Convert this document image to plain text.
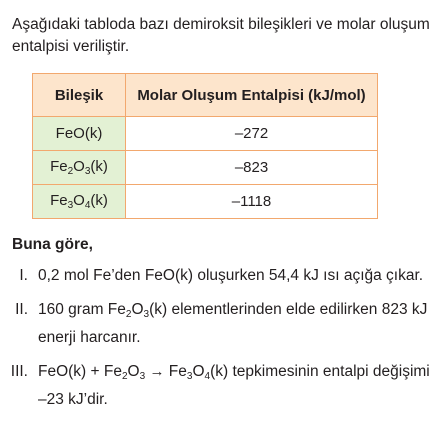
Aşağıdaki tabloda bazı demiroksit bileşikleri ve molar oluşum entalpisi veriliştir.

Bileşik	Molar Oluşum Entalpisi (kJ/mol)
FeO(k)	–272
$Fe_2O_3(k)$	–823
$Fe_3O_4(k)$	–1118

Buna göre,

I. 0,2 mol Fe’den FeO(k) oluşurken 54,4 kJ ısı açığa çıkar.
II. 160 gram Fe2O3(k) elementlerinden elde edilirken 823 kJ enerji harcanır.
III. FeO(k) + Fe2O3 → Fe3O4(k) tepkimesinin entalpi değişimi –23 kJ’dir.
